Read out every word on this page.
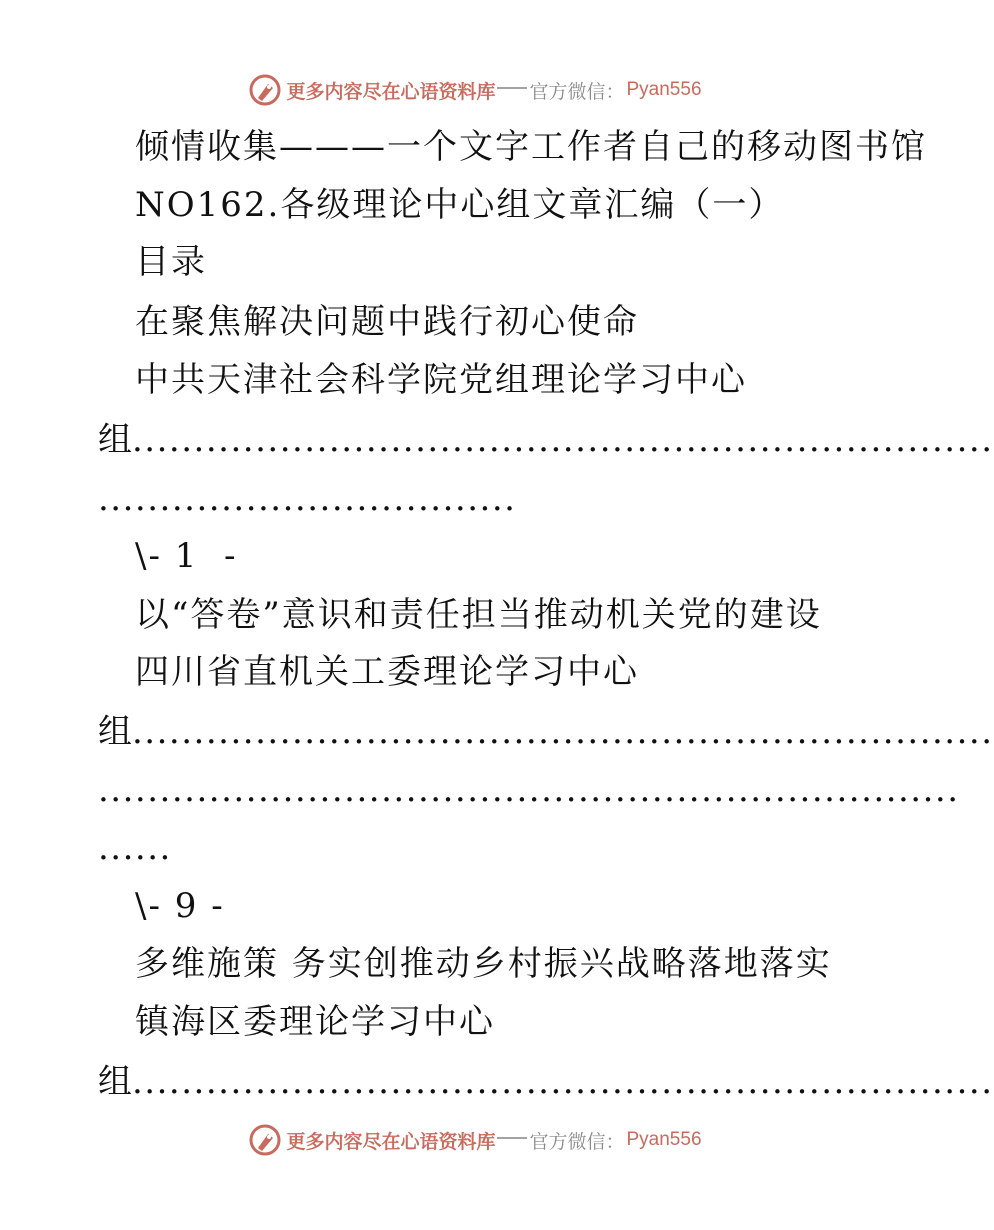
更多内容尽在心语资料库 官方微信： Pyan556
倾情收集———一个文字工作者自己的移动图书馆
NO162.各级理论中心组文章汇编（一）
目录
在聚焦解决问题中践行初心使命
中共天津社会科学院党组理论学习中心
组
......................................................................
..................................
\- 1  -
以“答卷”意识和责任担当推动机关党的建设
四川省直机关工委理论学习中心
组
......................................................................
......................................................................
......
\- 9 -
多维施策 务实创推动乡村振兴战略落地落实
镇海区委理论学习中心
组
......................................................................
更多内容尽在心语资料库 官方微信： Pyan556
